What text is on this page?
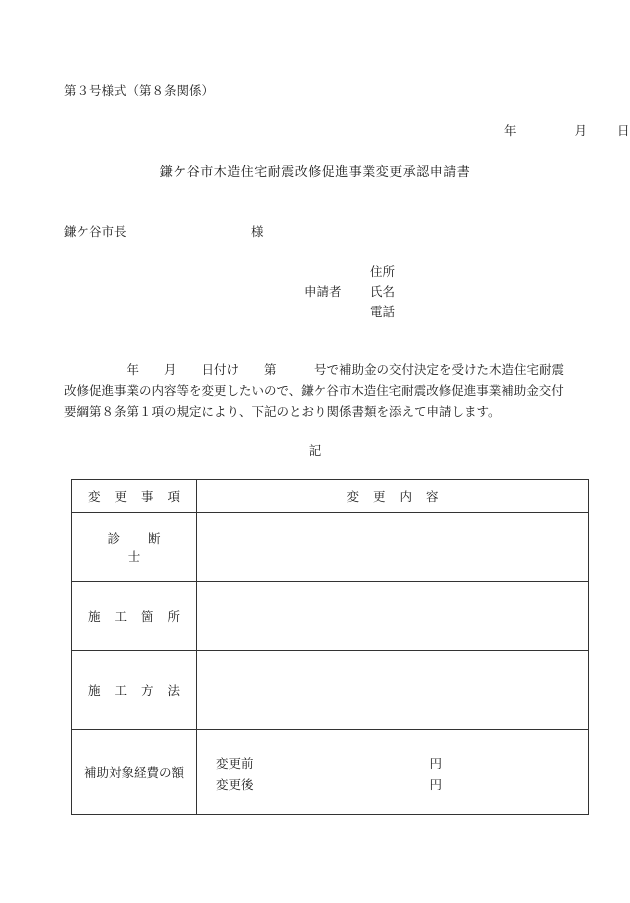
第３号様式（第８条関係）
年	月 日
鎌ケ谷市木造住宅耐震改修促進事業変更承認申請書
鎌ケ谷市長	様
住所
申請者 氏名
電話
　　　　　年　　月　　日付け　　第　　　号で補助金の交付決定を受けた木造住宅耐震
改修促進事業の内容等を変更したいので、鎌ケ谷市木造住宅耐震改修促進事業補助金交付
要綱第８条第１項の規定により、下記のとおり関係書類を添えて申請します。
記
変更事項	変更内容
診断士	
施工箇所	
施工方法	
補助対象経費の額	変更前 円
変更後 円
